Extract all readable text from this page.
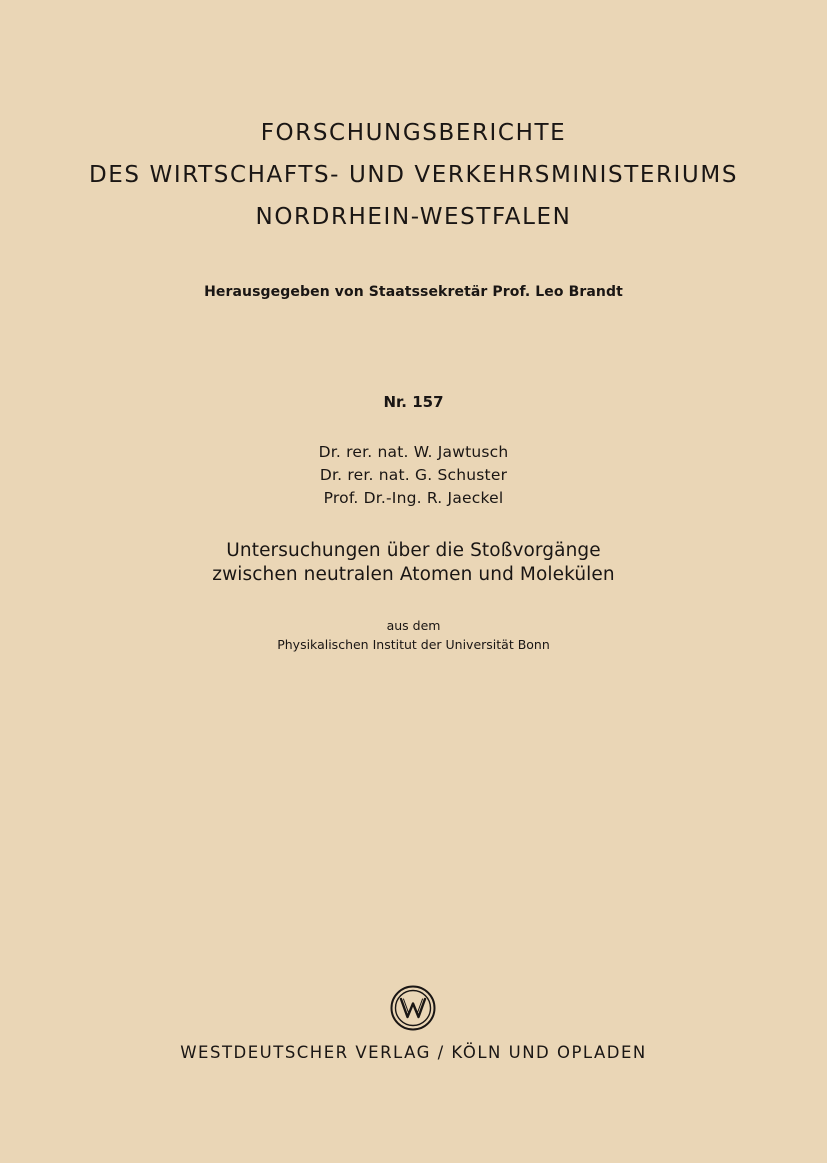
FORSCHUNGSBERICHTE
DES WIRTSCHAFTS- UND VERKEHRSMINISTERIUMS
NORDRHEIN-WESTFALEN
Herausgegeben von Staatssekretär Prof. Leo Brandt
Nr. 157
Dr. rer. nat. W. Jawtusch
Dr. rer. nat. G. Schuster
Prof. Dr.-Ing. R. Jaeckel
Untersuchungen über die Stoßvorgänge
zwischen neutralen Atomen und Molekülen
aus dem
Physikalischen Institut der Universität Bonn
WESTDEUTSCHER VERLAG / KÖLN UND OPLADEN
